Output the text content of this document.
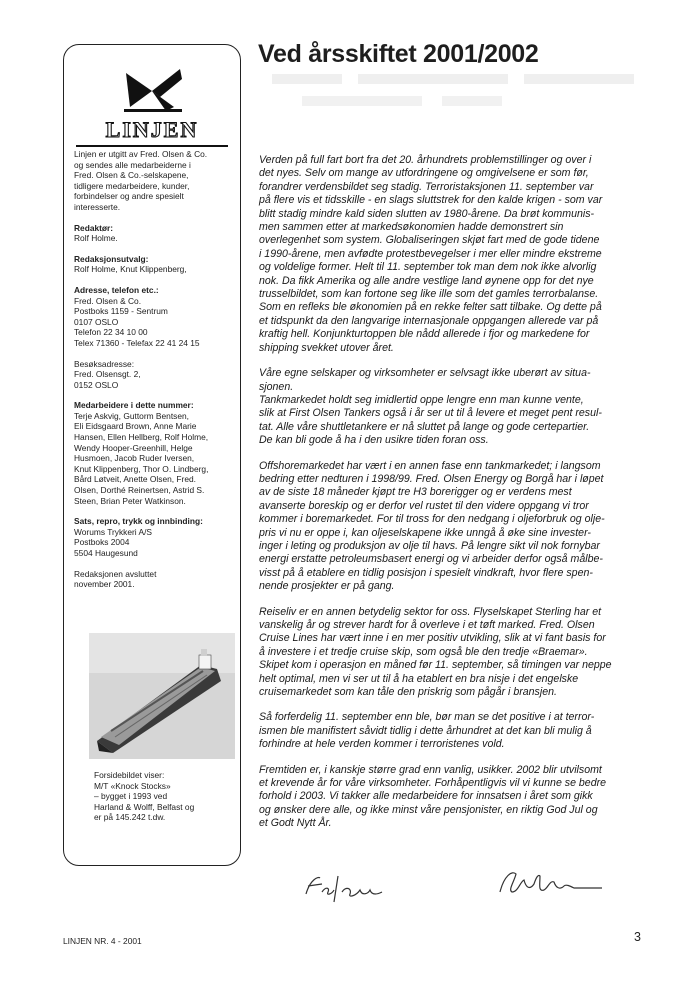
LINJEN
Linjen er utgitt av Fred. Olsen & Co.
og sendes alle medarbeiderne i
Fred. Olsen & Co.-selskapene,
tidligere medarbeidere, kunder,
forbindelser og andre spesielt
interesserte.
Redaktør:
Rolf Holme.
Redaksjonsutvalg:
Rolf Holme, Knut Klippenberg,
Adresse, telefon etc.:
Fred. Olsen & Co.
Postboks 1159 - Sentrum
0107 OSLO
Telefon 22 34 10 00
Telex 71360 - Telefax 22 41 24 15
Besøksadresse:
Fred. Olsensgt. 2,
0152 OSLO
Medarbeidere i dette nummer:
Terje Askvig, Guttorm Bentsen,
Eli Eidsgaard Brown, Anne Marie
Hansen, Ellen Hellberg, Rolf Holme,
Wendy Hooper-Greenhill, Helge
Husmoen, Jacob Ruder Iversen,
Knut Klippenberg, Thor O. Lindberg,
Bård Løtveit, Anette Olsen, Fred.
Olsen, Dorthé Reinertsen, Astrid S.
Steen, Brian Peter Watkinson.
Sats, repro, trykk og innbinding:
Worums Trykkeri A/S
Postboks 2004
5504 Haugesund
Redaksjonen avsluttet
november 2001.
Forsidebildet viser:
M/T «Knock Stocks»
– bygget i 1993 ved
Harland & Wolff, Belfast og
er på 145.242 t.dw.
Ved årsskiftet 2001/2002

Verden på full fart bort fra det 20. århundrets problemstillinger og over i
det nyes. Selv om mange av utfordringene og omgivelsene er som før,
forandrer verdensbildet seg stadig. Terroristaksjonen 11. september var
på flere vis et tidsskille - en slags sluttstrek for den kalde krigen - som var
blitt stadig mindre kald siden slutten av 1980-årene. Da brøt kommunis-
men sammen etter at markedsøkonomien hadde demonstrert sin
overlegenhet som system. Globaliseringen skjøt fart med de gode tidene
i 1990-årene, men avfødte protestbevegelser i mer eller mindre ekstreme
og voldelige former. Helt til 11. september tok man dem nok ikke alvorlig
nok. Da fikk Amerika og alle andre vestlige land øynene opp for det nye
trusselbildet, som kan fortone seg like ille som det gamles terrorbalanse.
Som en refleks ble økonomien på en rekke felter satt tilbake. Og dette på
et tidspunkt da den langvarige internasjonale oppgangen allerede var på
kraftig hell. Konjunkturtoppen ble nådd allerede i fjor og markedene for
shipping svekket utover året.

Våre egne selskaper og virksomheter er selvsagt ikke uberørt av situa-
sjonen.

Tankmarkedet holdt seg imidlertid oppe lengre enn man kunne vente,
slik at First Olsen Tankers også i år ser ut til å levere et meget pent resul-
tat. Alle våre shuttletankere er nå sluttet på lange og gode certepartier.
De kan bli gode å ha i den usikre tiden foran oss.

Offshoremarkedet har vært i en annen fase enn tankmarkedet; i langsom
bedring etter nedturen i 1998/99. Fred. Olsen Energy og Borgå har i løpet
av de siste 18 måneder kjøpt tre H3 borerigger og er verdens mest
avanserte boreskip og er derfor vel rustet til den videre oppgang vi tror
kommer i boremarkedet. For til tross for den nedgang i oljeforbruk og olje-
pris vi nu er oppe i, kan oljeselskapene ikke unngå å øke sine invester-
inger i leting og produksjon av olje til havs. På lengre sikt vil nok fornybar
energi erstatte petroleumsbasert energi og vi arbeider derfor også målbe-
visst på å etablere en tidlig posisjon i spesielt vindkraft, hvor flere spen-
nende prosjekter er på gang.

Reiseliv er en annen betydelig sektor for oss. Flyselskapet Sterling har et
vanskelig år og strever hardt for å overleve i et tøft marked. Fred. Olsen
Cruise Lines har vært inne i en mer positiv utvikling, slik at vi fant basis for
å investere i et tredje cruise skip, som også ble den tredje «Braemar».
Skipet kom i operasjon en måned før 11. september, så timingen var neppe
helt optimal, men vi ser ut til å ha etablert en bra nisje i det engelske
cruisemarkedet som kan tåle den priskrig som pågår i bransjen.

Så forferdelig 11. september enn ble, bør man se det positive i at terror-
ismen ble manifistert såvidt tidlig i dette århundret at det kan bli mulig å
forhindre at hele verden kommer i terroristenes vold.

Fremtiden er, i kanskje større grad enn vanlig, usikker. 2002 blir utvilsomt
et krevende år for våre virksomheter. Forhåpentligvis vil vi kunne se bedre
forhold i 2003. Vi takker alle medarbeidere for innsatsen i året som gikk
og ønsker dere alle, og ikke minst våre pensjonister, en riktig God Jul og
et Godt Nytt År.

LINJEN NR. 4 - 2001	3
